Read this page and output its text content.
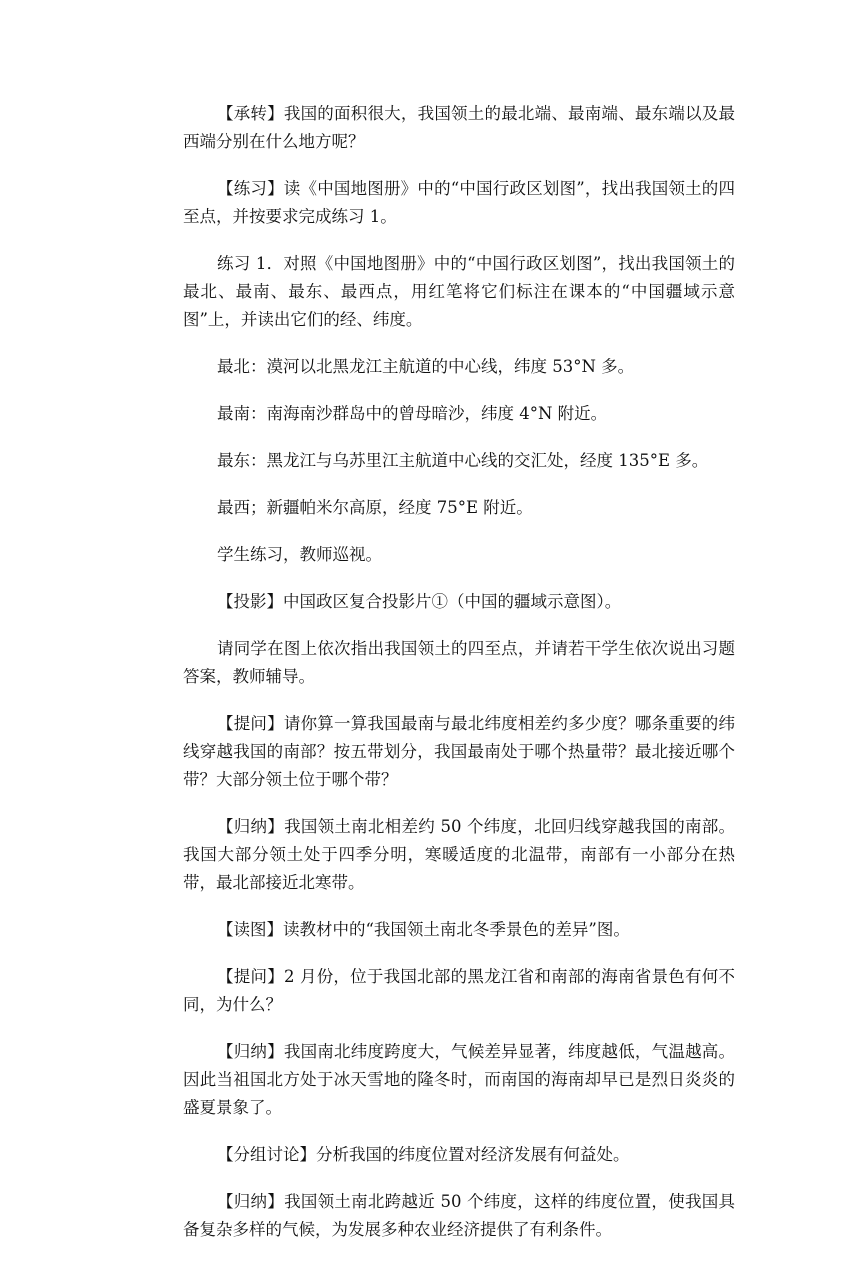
【承转】我国的面积很大，我国领土的最北端、最南端、最东端以及最西端分别在什么地方呢？

【练习】读《中国地图册》中的“中国行政区划图”，找出我国领土的四至点，并按要求完成练习 1。

练习 1．对照《中国地图册》中的“中国行政区划图”，找出我国领土的最北、最南、最东、最西点，用红笔将它们标注在课本的“中国疆域示意图”上，并读出它们的经、纬度。

最北：漠河以北黑龙江主航道的中心线，纬度 53°N 多。

最南：南海南沙群岛中的曾母暗沙，纬度 4°N 附近。

最东：黑龙江与乌苏里江主航道中心线的交汇处，经度 135°E 多。

最西；新疆帕米尔高原，经度 75°E 附近。

学生练习，教师巡视。

【投影】中国政区复合投影片①（中国的疆域示意图）。

请同学在图上依次指出我国领土的四至点，并请若干学生依次说出习题答案，教师辅导。

【提问】请你算一算我国最南与最北纬度相差约多少度？哪条重要的纬线穿越我国的南部？按五带划分，我国最南处于哪个热量带？最北接近哪个带？大部分领土位于哪个带？

【归纳】我国领土南北相差约 50 个纬度，北回归线穿越我国的南部。我国大部分领土处于四季分明，寒暖适度的北温带，南部有一小部分在热带，最北部接近北寒带。

【读图】读教材中的“我国领土南北冬季景色的差异”图。

【提问】2 月份，位于我国北部的黑龙江省和南部的海南省景色有何不同，为什么？

【归纳】我国南北纬度跨度大，气候差异显著，纬度越低，气温越高。因此当祖国北方处于冰天雪地的隆冬时，而南国的海南却早已是烈日炎炎的盛夏景象了。

【分组讨论】分析我国的纬度位置对经济发展有何益处。

【归纳】我国领土南北跨越近 50 个纬度，这样的纬度位置，使我国具备复杂多样的气候，为发展多种农业经济提供了有利条件。
